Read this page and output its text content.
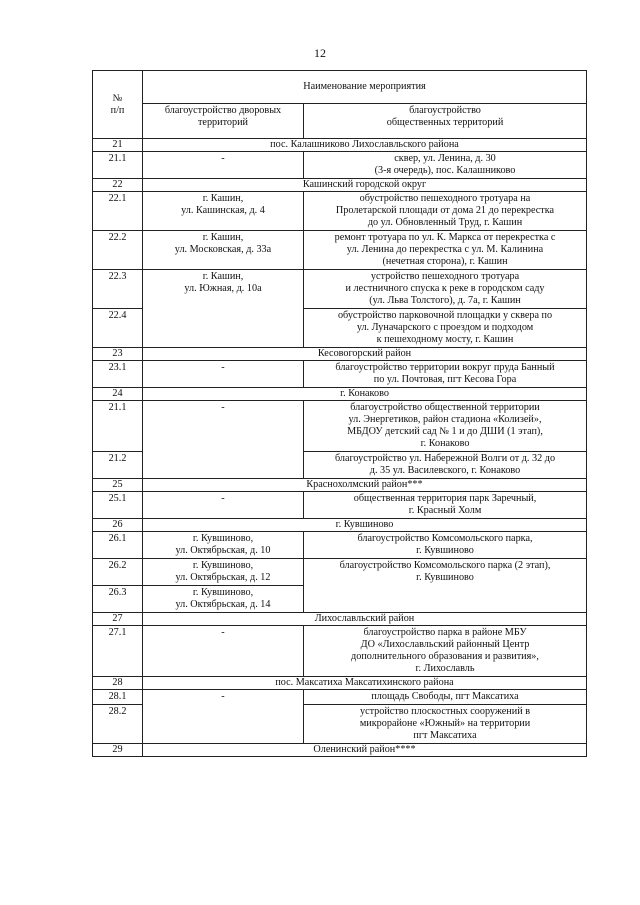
12
№
п/п	Наименование мероприятия	
	благоустройство дворовых
территорий	благоустройство
общественных территорий
21	пос. Калашниково Лихославльского района	
21.1	-	сквер, ул. Ленина, д. 30
(3-я очередь), пос. Калашниково
22	Кашинский городской округ	
22.1	г. Кашин,
ул. Кашинская, д. 4	обустройство пешеходного тротуара на
Пролетарской площади от дома 21 до перекрестка
до ул. Обновленный Труд, г. Кашин
22.2	г. Кашин,
ул. Московская, д. 33а	ремонт тротуара по ул. К. Маркса от перекрестка с
ул. Ленина до перекрестка с ул. М. Калинина
(нечетная сторона), г. Кашин
22.3	г. Кашин,
ул. Южная, д. 10а	устройство пешеходного тротуара
и лестничного спуска к реке в городском саду
(ул. Льва Толстого), д. 7а, г. Кашин
22.4		обустройство парковочной площадки у сквера по
ул. Луначарского с проездом и подходом
к пешеходному мосту, г. Кашин
23	Кесовогорский район	
23.1	-	благоустройство территории вокруг пруда Банный
по ул. Почтовая, пгт Кесова Гора
24	г. Конаково	
21.1	-	благоустройство общественной территории
ул. Энергетиков, район стадиона «Колизей»,
МБДОУ детский сад № 1 и до ДШИ (1 этап),
г. Конаково
21.2		благоустройство ул. Набережной Волги от д. 32 до
д. 35 ул. Василевского, г. Конаково
25	Краснохолмский район***	
25.1	-	общественная территория парк Заречный,
г. Красный Холм
26	г. Кувшиново	
26.1	г. Кувшиново,
ул. Октябрьская, д. 10	благоустройство Комсомольского парка,
г. Кувшиново
26.2	г. Кувшиново,
ул. Октябрьская, д. 12	благоустройство Комсомольского парка (2 этап),
г. Кувшиново
26.3	г. Кувшиново,
ул. Октябрьская, д. 14	
27	Лихославльский район	
27.1	-	благоустройство парка в районе МБУ
ДО «Лихославльский районный Центр
дополнительного образования и развития»,
г. Лихославль
28	пос. Максатиха Максатихинского района	
28.1	-	площадь Свободы, пгт Максатиха
28.2		устройство плоскостных сооружений в
микрорайоне «Южный» на территории
пгт Максатиха
29	Оленинский район****	
